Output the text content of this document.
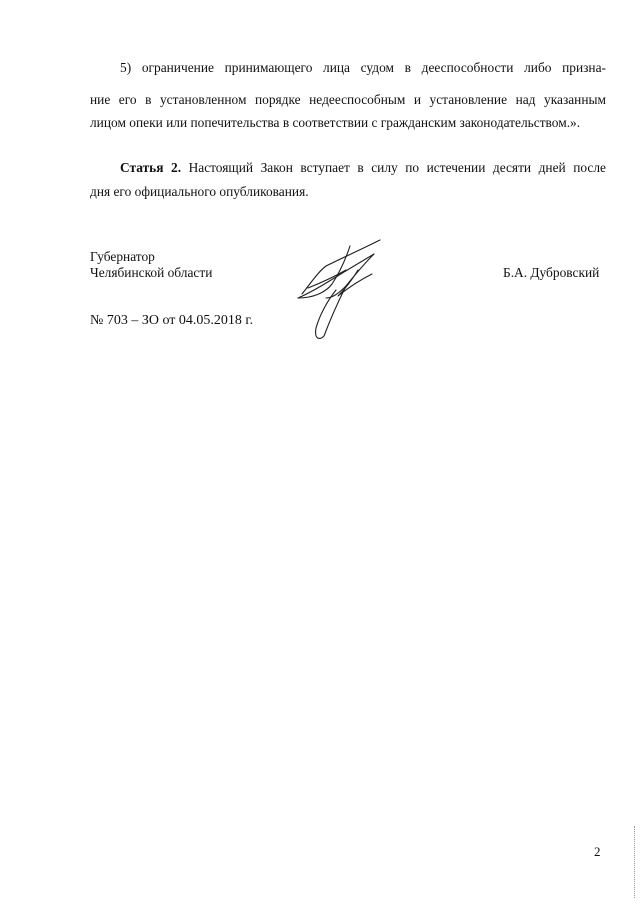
5) ограничение принимающего лица судом в дееспособности либо призна-
ние его в установленном порядке недееспособным и установление над указанным
лицом опеки или попечительства в соответствии с гражданским законодательством.».
Статья 2. Настоящий Закон вступает в силу по истечении десяти дней после
дня его официального опубликования.
Губернатор
Челябинской области	Б.А. Дубровский
№ 703 – ЗО от 04.05.2018 г.
2
